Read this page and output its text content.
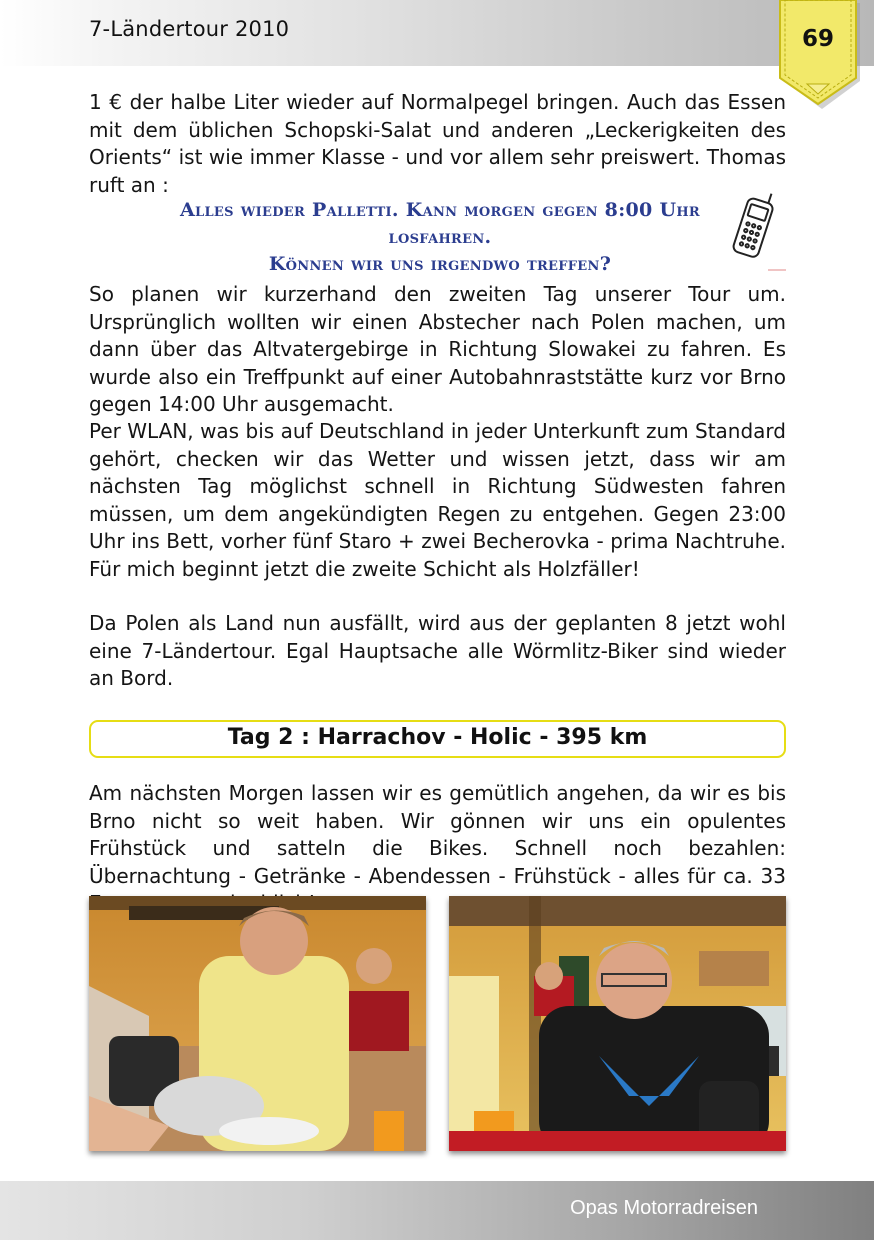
7-Ländertour 2010	69

1 € der halbe Liter wieder auf Normalpegel bringen. Auch das Essen mit dem üblichen Schopski-Salat und anderen „Leckerigkeiten des Orients“ ist wie immer Klasse - und vor allem sehr preiswert. Thomas ruft an :

Alles wieder Palletti. Kann morgen gegen 8:00 Uhr losfahren.
Können wir uns irgendwo treffen?

So planen wir kurzerhand den zweiten Tag unserer Tour um. Ursprünglich wollten wir einen Abstecher nach Polen machen, um dann über das Altvatergebirge in Richtung Slowakei zu fahren. Es wurde also ein Treffpunkt auf einer Autobahnraststätte kurz vor Brno gegen 14:00 Uhr ausgemacht.

Per WLAN, was bis auf Deutschland in jeder Unterkunft zum Standard gehört, checken wir das Wetter und wissen jetzt, dass wir am nächsten Tag möglichst schnell in Richtung Südwesten fahren müssen, um dem angekündigten Regen zu entgehen. Gegen 23:00 Uhr ins Bett, vorher fünf Staro + zwei Becherovka - prima Nachtruhe. Für mich beginnt jetzt die zweite Schicht als Holzfäller!

Da Polen als Land nun ausfällt, wird aus der geplanten 8 jetzt wohl eine 7-Ländertour. Egal Hauptsache alle Wörmlitz-Biker sind wieder an Bord.

Tag 2 : Harrachov - Holic - 395 km

Am nächsten Morgen lassen wir es gemütlich angehen, da wir es bis Brno nicht so weit haben. Wir gönnen wir uns ein opulentes Frühstück und satteln die Bikes. Schnell noch bezahlen: Übernachtung - Getränke - Abendessen - Frühstück - alles für ca. 33

Opas Motorradreisen
